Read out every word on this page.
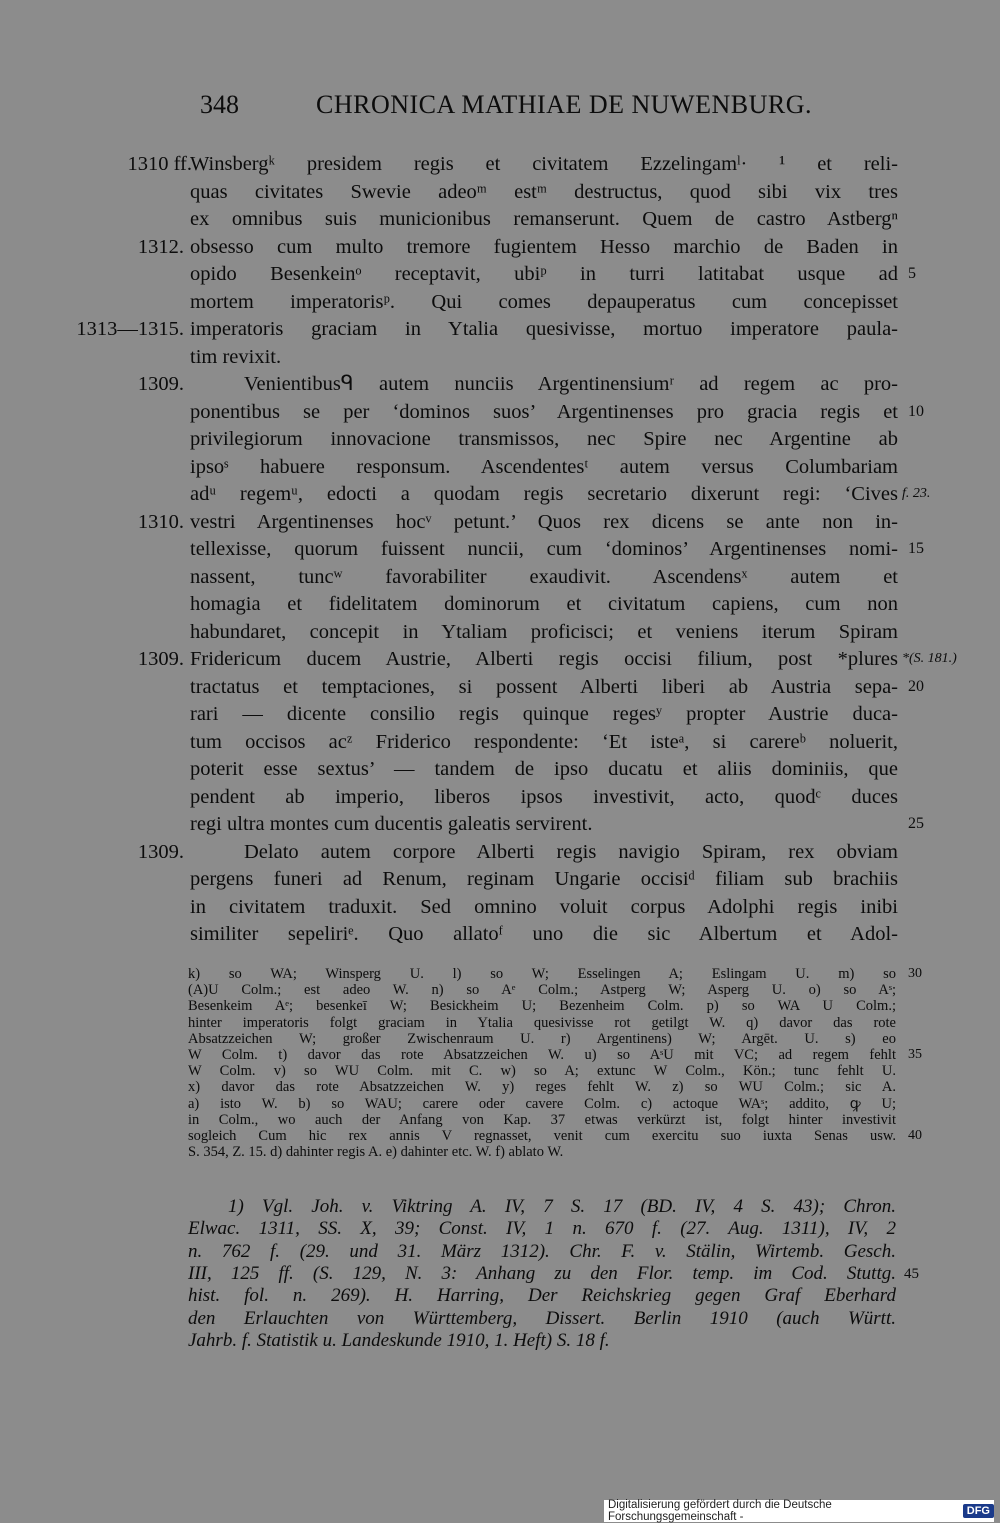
348	CHRONICA MATHIAE DE NUWENBURG.
1310 ff.
Winsbergᵏ presidem regis et civitatem Ezzelingamˡ· ¹ et reli-
quas civitates Swevie adeoᵐ estᵐ destructus, quod sibi vix tres
ex omnibus suis municionibus remanserunt. Quem de castro Astbergⁿ
1312. obsesso cum multo tremore fugientem Hesso marchio de Baden in
opido Besenkeinᵒ receptavit, ubiᵖ in turri latitabat usque ad 5
mortem imperatorisᵖ. Qui comes depauperatus cum concepisset
1313—1315. imperatoris graciam in Ytalia quesivisse, mortuo imperatore paula-
tim revixit.
1309.	Venientibusᑫ autem nunciis Argentinensiumʳ ad regem ac pro-
ponentibus se per ‘dominos suos’ Argentinenses pro gracia regis et 10
privilegiorum innovacione transmissos, nec Spire nec Argentine ab
ipsoˢ habuere responsum. Ascendentesᵗ autem versus Columbariam
adᵘ regemᵘ, edocti a quodam regis secretario dixerunt regi: ‘Cives f. 23.
1310. vestri Argentinenses hocᵛ petunt.’ Quos rex dicens se ante non in-
tellexisse, quorum fuissent nuncii, cum ‘dominos’ Argentinenses nomi- 15
nassent, tuncʷ favorabiliter exaudivit. Ascendensˣ autem et
homagia et fidelitatem dominorum et civitatum capiens, cum non
habundaret, concepit in Ytaliam proficisci; et veniens iterum Spiram
1309. Fridericum ducem Austrie, Alberti regis occisi filium, post *plures *(S. 181.)
tractatus et temptaciones, si possent Alberti liberi ab Austria sepa- 20
rari — dicente consilio regis quinque regesʸ propter Austrie duca-
tum occisos acᶻ Friderico respondente: ‘Et isteᵃ, si carereᵇ noluerit,
poterit esse sextus’ — tandem de ipso ducatu et aliis dominiis, que
pendent ab imperio, liberos ipsos investivit, acto, quodᶜ duces
regi ultra montes cum ducentis galeatis servirent.	25
1309.	Delato autem corpore Alberti regis navigio Spiram, rex obviam
pergens funeri ad Renum, reginam Ungarie occisiᵈ filiam sub brachiis
in civitatem traduxit. Sed omnino voluit corpus Adolphi regis inibi
similiter sepeliriᵉ. Quo allatoᶠ uno die sic Albertum et Adol-
k) so WA; Winsperg U. l) so W; Esselingen A; Eslingam U. m) so 30
(A)U Colm.; est adeo W. n) so Aᵉ Colm.; Astperg W; Asperg U. o) so Aˢ;
Besenkeim Aᵉ; besenkeī W; Besickheim U; Bezenheim Colm. p) so WA U Colm.;
hinter imperatoris folgt graciam in Ytalia quesivisse rot getilgt W. q) davor das rote
Absatzzeichen W; großer Zwischenraum U. r) Argentinens) W; Argēt. U. s) eo
W Colm. t) davor das rote Absatzzeichen W. u) so AˢU mit VC; ad regem fehlt 35
W Colm. v) so WU Colm. mit C. w) so A; extunc W Colm., Kön.; tunc fehlt U.
x) davor das rote Absatzzeichen W. y) reges fehlt W. z) so WU Colm.; sic A.
a) isto W. b) so WAU; carere oder cavere Colm. c) actoque WAˢ; addito, ꝙ U;
in Colm., wo auch der Anfang von Kap. 37 etwas verkürzt ist, folgt hinter investivit
sogleich Cum hic rex annis V regnasset, venit cum exercitu suo iuxta Senas usw. 40
S. 354, Z. 15. d) dahinter regis A. e) dahinter etc. W. f) ablato W.
1) Vgl. Joh. v. Viktring A. IV, 7 S. 17 (BD. IV, 4 S. 43); Chron.
Elwac. 1311, SS. X, 39; Const. IV, 1 n. 670 f. (27. Aug. 1311), IV, 2
n. 762 f. (29. und 31. März 1312). Chr. F. v. Stälin, Wirtemb. Gesch.
III, 125 ff. (S. 129, N. 3: Anhang zu den Flor. temp. im Cod. Stuttg. 45
hist. fol. n. 269). H. Harring, Der Reichskrieg gegen Graf Eberhard
den Erlauchten von Württemberg, Dissert. Berlin 1910 (auch Württ.
Jahrb. f. Statistik u. Landeskunde 1910, 1. Heft) S. 18 f.
Digitalisierung gefördert durch die Deutsche Forschungsgemeinschaft -	DFG
